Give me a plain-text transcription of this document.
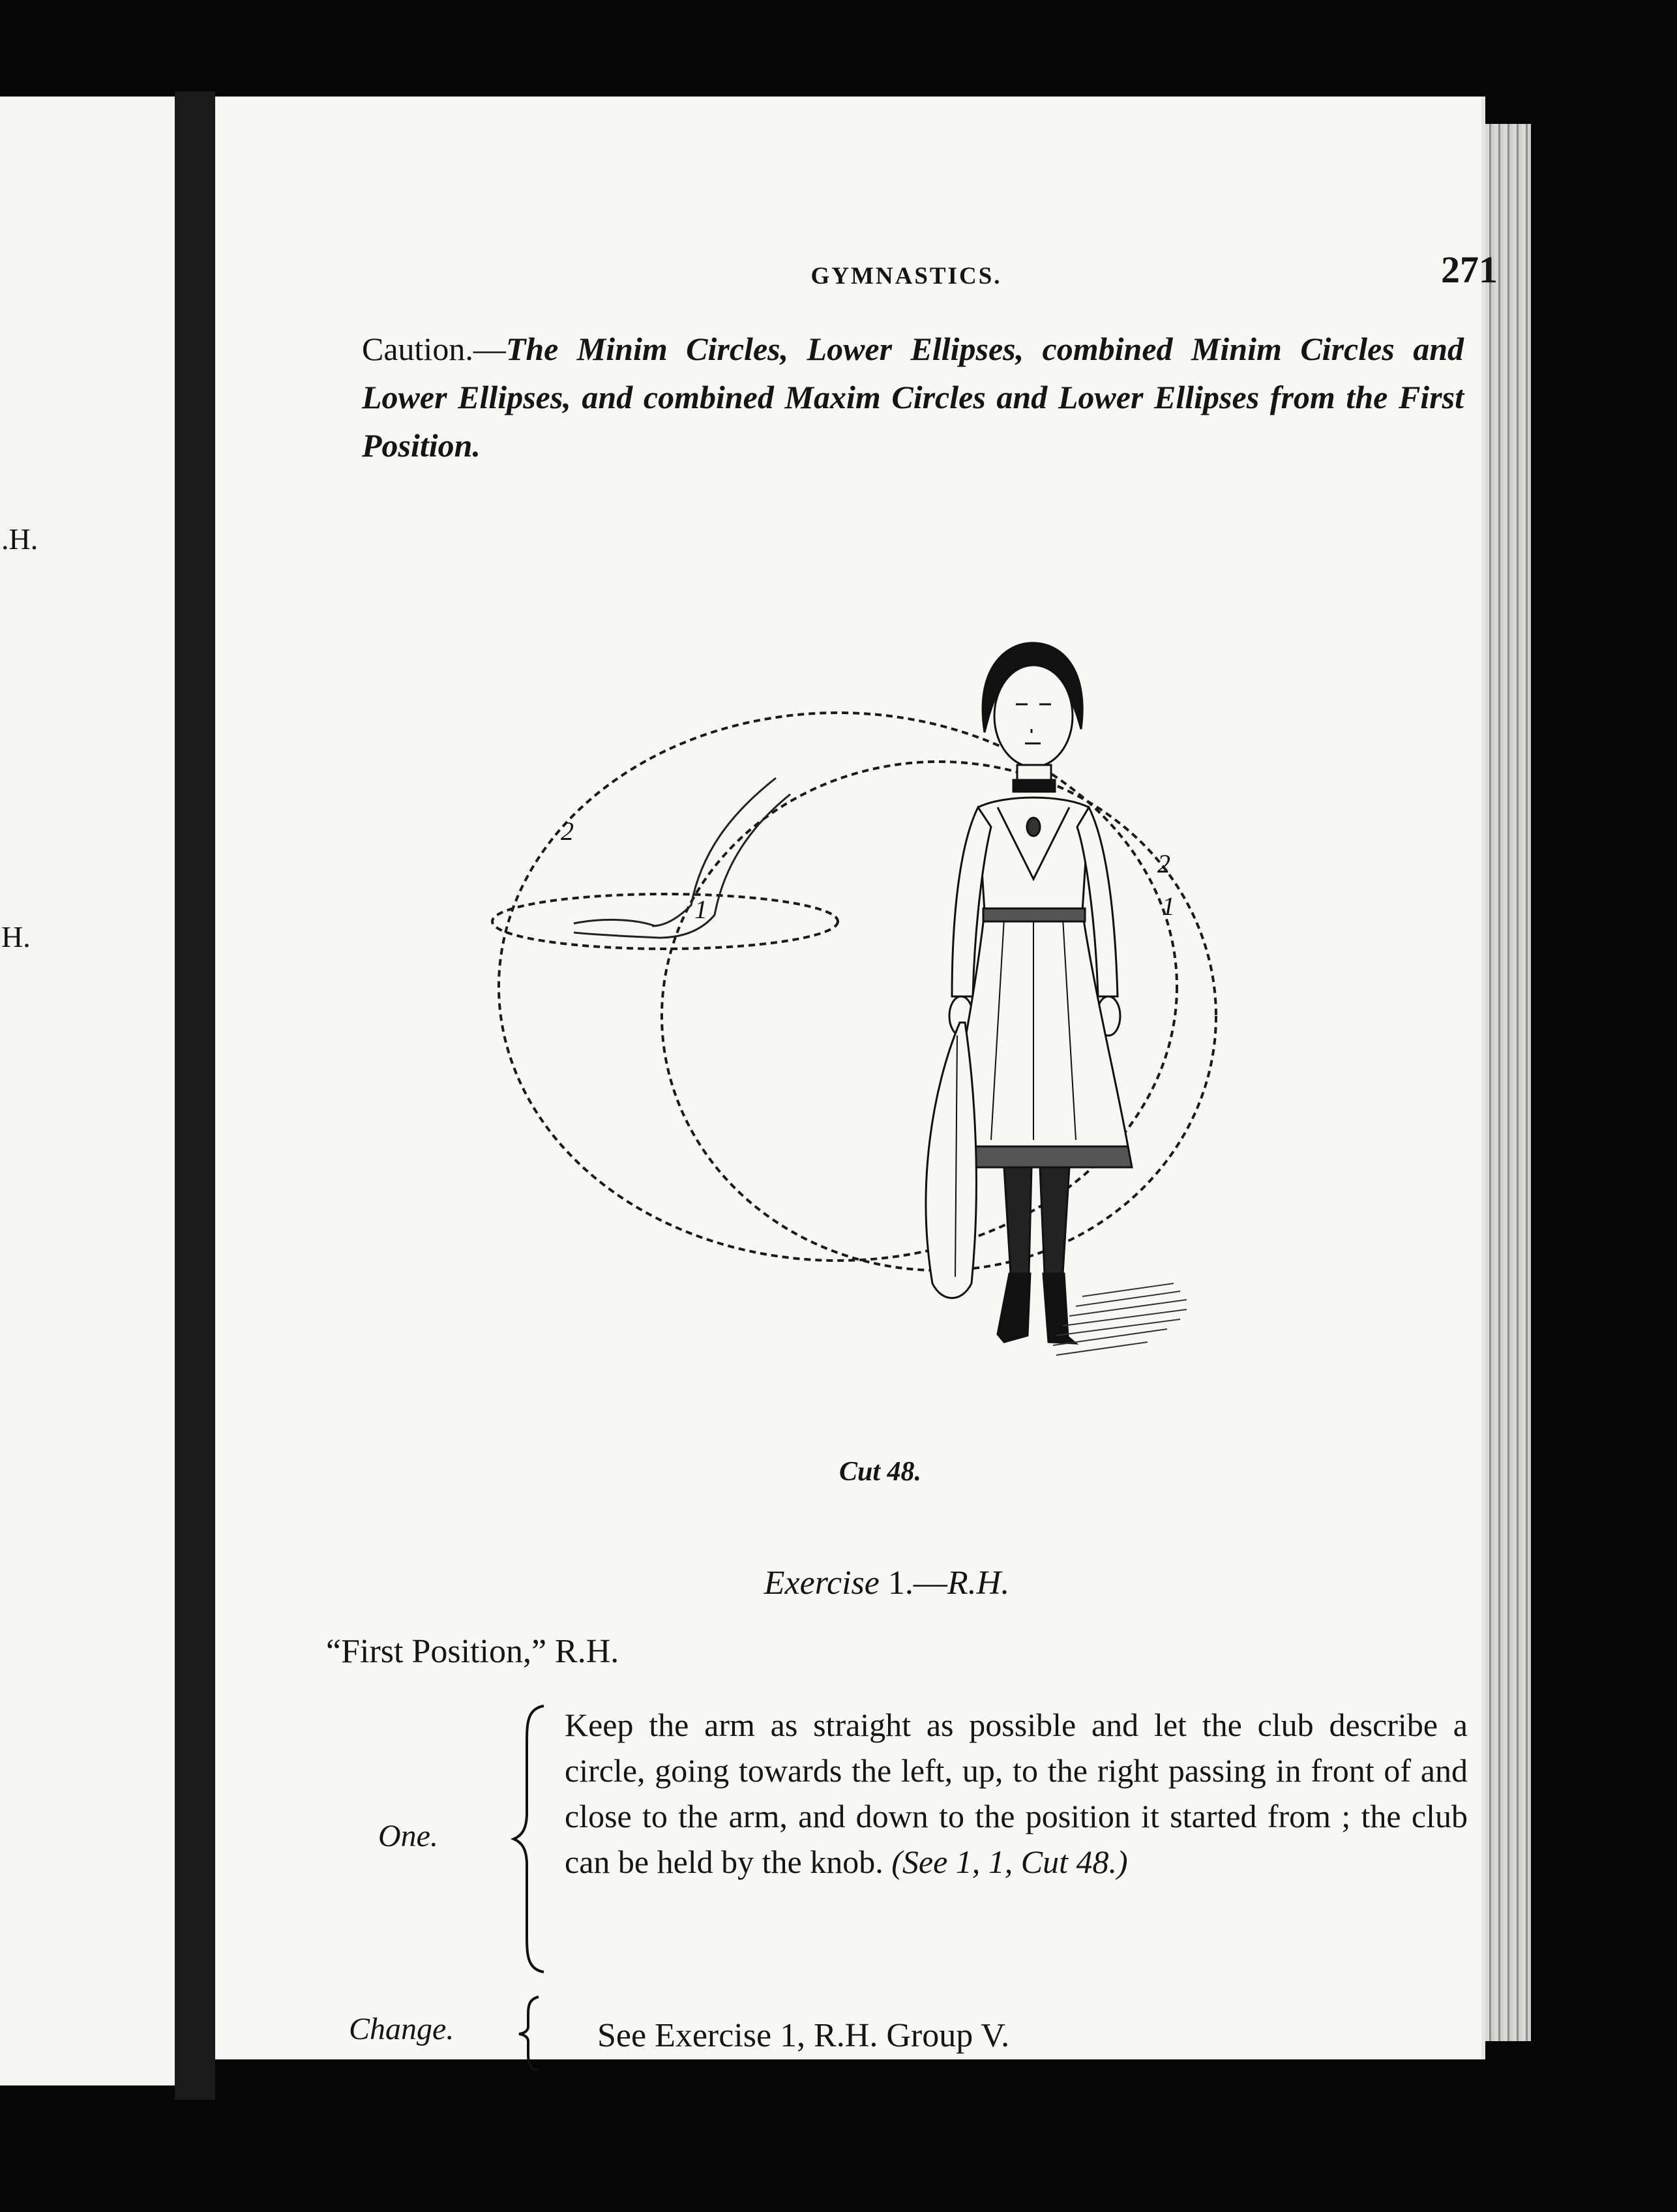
.H.
H.
GYMNASTICS.	271
Caution.—The Minim Circles, Lower Ellipses, combined Minim Circles and Lower Ellipses, and combined Maxim Circles and Lower Ellipses from the First Position.
2
1
2
1
Cut 48.
Exercise 1.—R.H.
“First Position,” R.H.
One.
Keep the arm as straight as possible and let the club describe a circle, going towards the left, up, to the right passing in front of and close to the arm, and down to the position it started from ; the club can be held by the knob. (See 1, 1, Cut 48.)
Change.	See Exercise 1, R.H. Group V.
